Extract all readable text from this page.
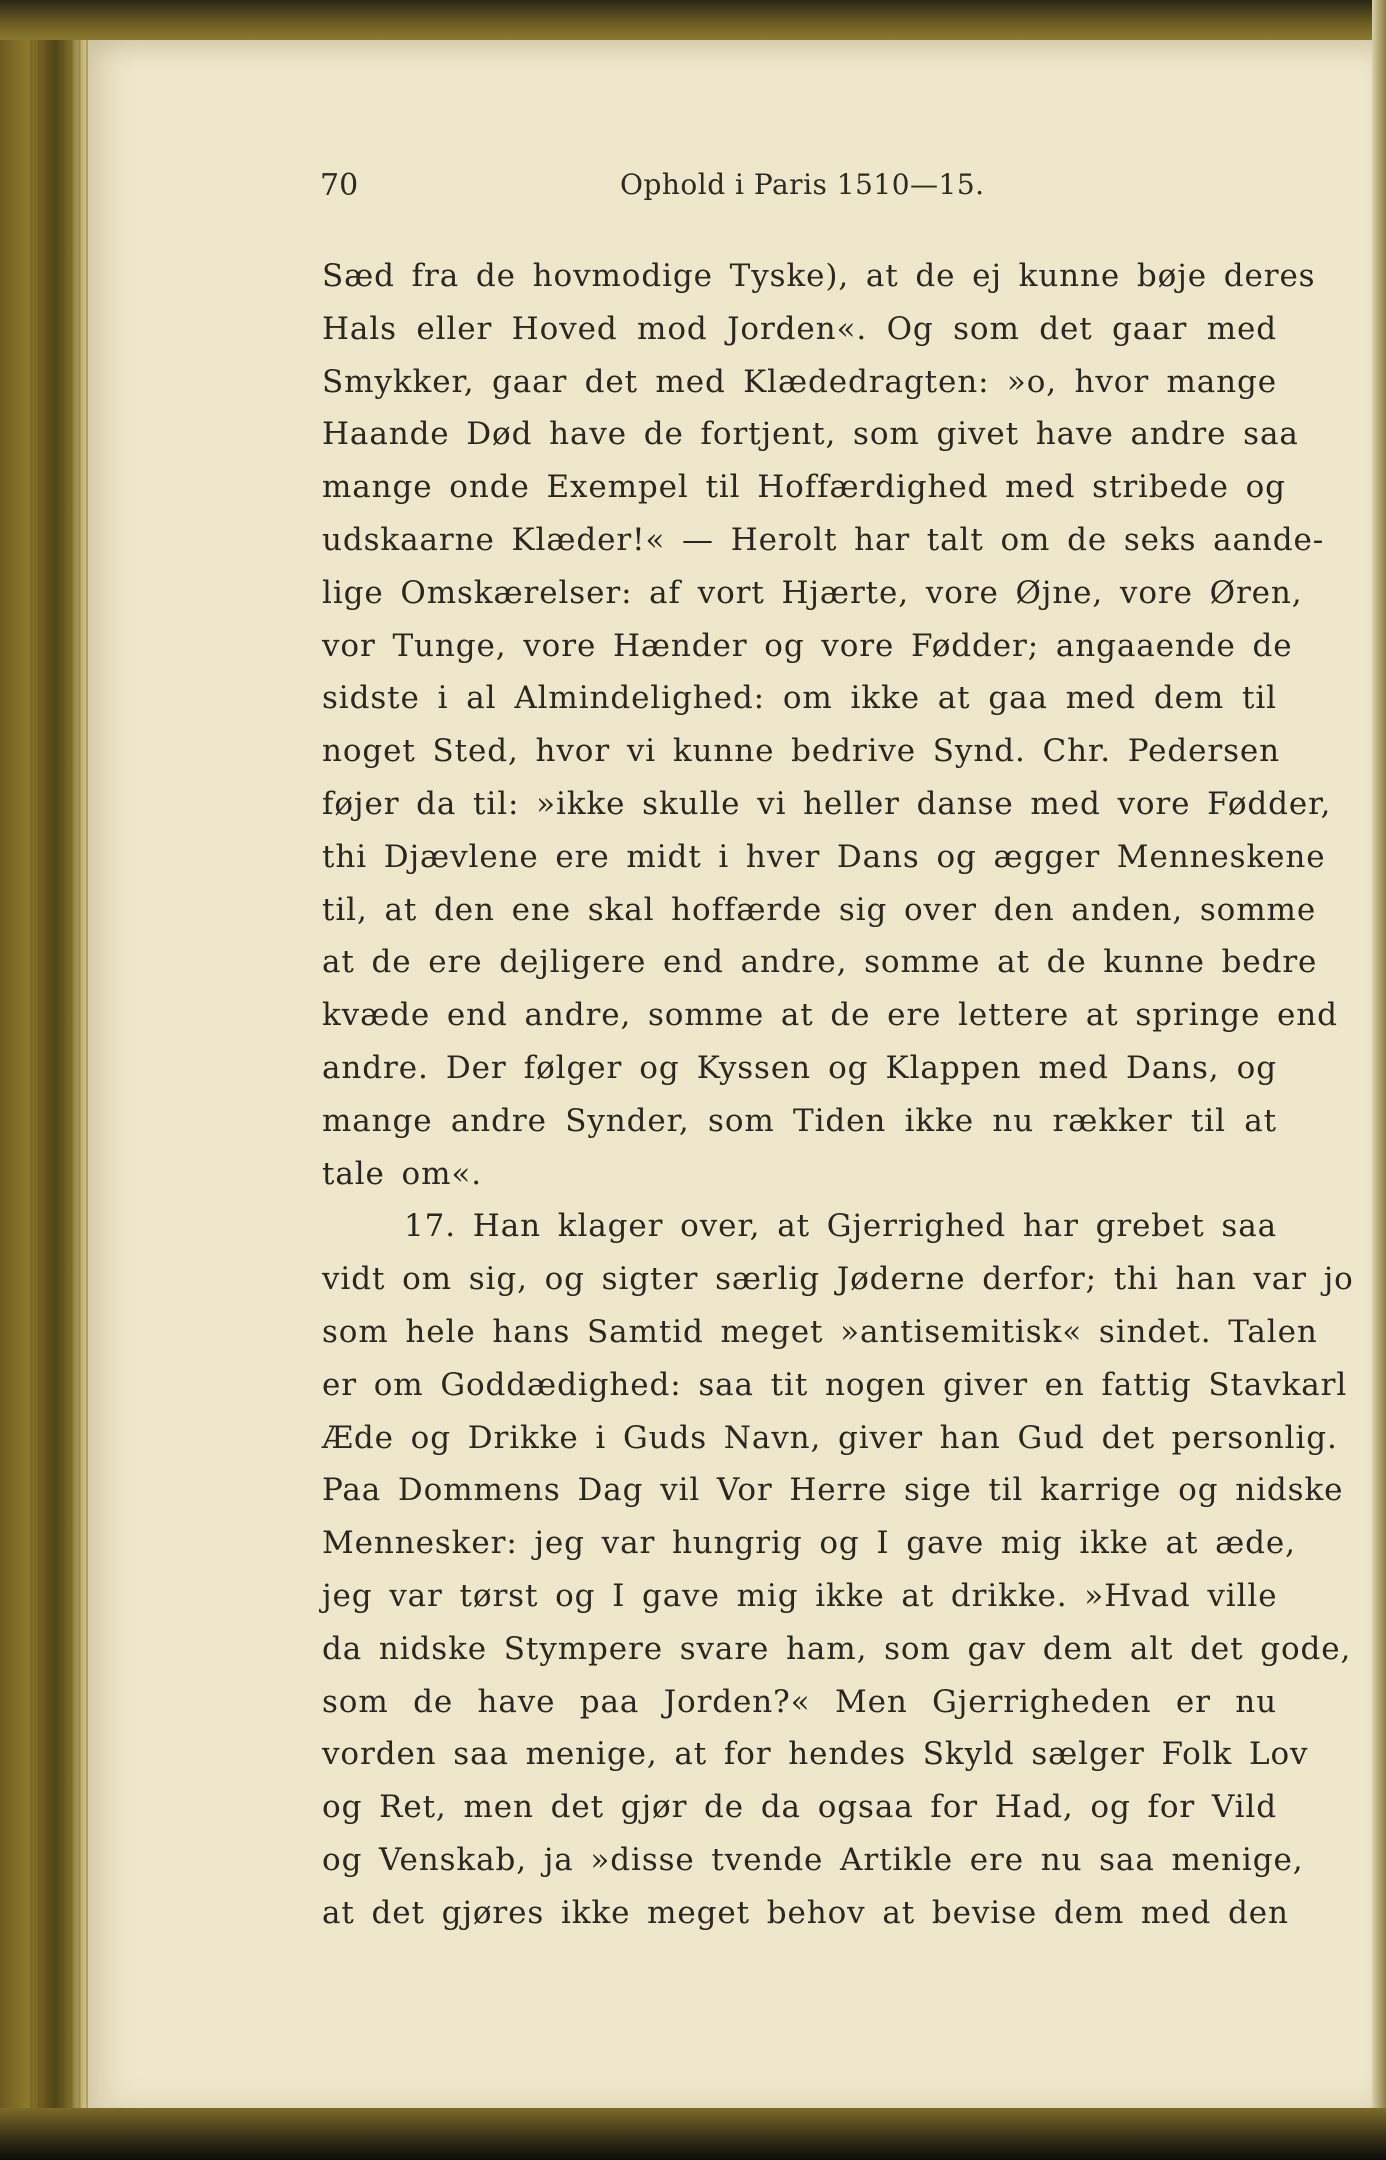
70	Ophold i Paris 1510—15.
Sæd fra de hovmodige Tyske), at de ej kunne bøje deres
Hals eller Hoved mod Jorden«. Og som det gaar med
Smykker, gaar det med Klædedragten: »o, hvor mange
Haande Død have de fortjent, som givet have andre saa
mange onde Exempel til Hoffærdighed med stribede og
udskaarne Klæder!« — Herolt har talt om de seks aande-
lige Omskærelser: af vort Hjærte, vore Øjne, vore Øren,
vor Tunge, vore Hænder og vore Fødder; angaaende de
sidste i al Almindelighed: om ikke at gaa med dem til
noget Sted, hvor vi kunne bedrive Synd. Chr. Pedersen
føjer da til: »ikke skulle vi heller danse med vore Fødder,
thi Djævlene ere midt i hver Dans og ægger Menneskene
til, at den ene skal hoffærde sig over den anden, somme
at de ere dejligere end andre, somme at de kunne bedre
kvæde end andre, somme at de ere lettere at springe end
andre. Der følger og Kyssen og Klappen med Dans, og
mange andre Synder, som Tiden ikke nu rækker til at
tale om«.
17. Han klager over, at Gjerrighed har grebet saa
vidt om sig, og sigter særlig Jøderne derfor; thi han var jo
som hele hans Samtid meget »antisemitisk« sindet. Talen
er om Goddædighed: saa tit nogen giver en fattig Stavkarl
Æde og Drikke i Guds Navn, giver han Gud det personlig.
Paa Dommens Dag vil Vor Herre sige til karrige og nidske
Mennesker: jeg var hungrig og I gave mig ikke at æde,
jeg var tørst og I gave mig ikke at drikke. »Hvad ville
da nidske Stympere svare ham, som gav dem alt det gode,
som de have paa Jorden?« Men Gjerrigheden er nu
vorden saa menige, at for hendes Skyld sælger Folk Lov
og Ret, men det gjør de da ogsaa for Had, og for Vild
og Venskab, ja »disse tvende Artikle ere nu saa menige,
at det gjøres ikke meget behov at bevise dem med den
